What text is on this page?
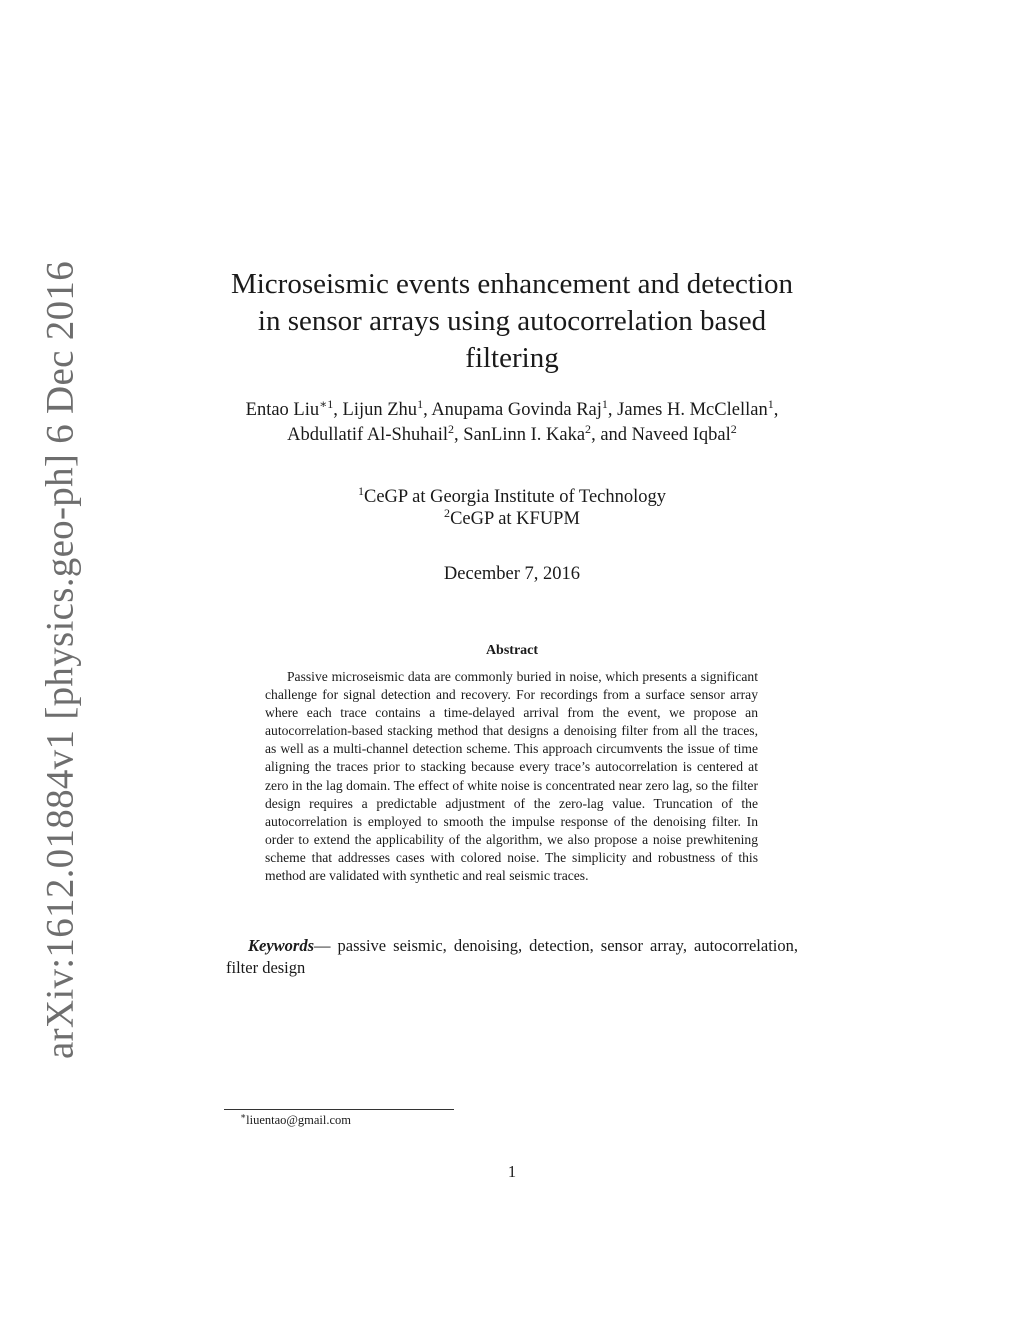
arXiv:1612.01884v1 [physics.geo-ph] 6 Dec 2016	Microseismic events enhancement and detection
in sensor arrays using autocorrelation based
filtering

Entao Liu$^{∗1}$, Lijun Zhu$^1$, Anupama Govinda Raj$^1$, James H. McClellan$^1$, Abdullatif Al-Shuhail$^2$, SanLinn I. Kaka$^2$, and Naveed Iqbal$^2$

$^1$CeGP at Georgia Institute of Technology
$^2$CeGP at KFUPM
December 7, 2016
Abstract

Passive microseismic data are commonly buried in noise, which presents a significant challenge for signal detection and recovery. For recordings from a surface sensor array where each trace contains a time-delayed arrival from the event, we propose an autocorrelation-based stacking method that designs a denoising filter from all the traces, as well as a multi-channel detection scheme. This approach circumvents the issue of time aligning the traces prior to stacking because every trace’s autocorrelation is centered at zero in the lag domain. The effect of white noise is concentrated near zero lag, so the filter design requires a predictable adjustment of the zero-lag value. Truncation of the autocorrelation is employed to smooth the impulse response of the denoising filter. In order to extend the applicability of the algorithm, we also propose a noise prewhitening scheme that addresses cases with colored noise. The simplicity and robustness of this method are validated with synthetic and real seismic traces.

Keywords— passive seismic, denoising, detection, sensor array, autocorrelation, filter design

∗liuentao@gmail.com
1
